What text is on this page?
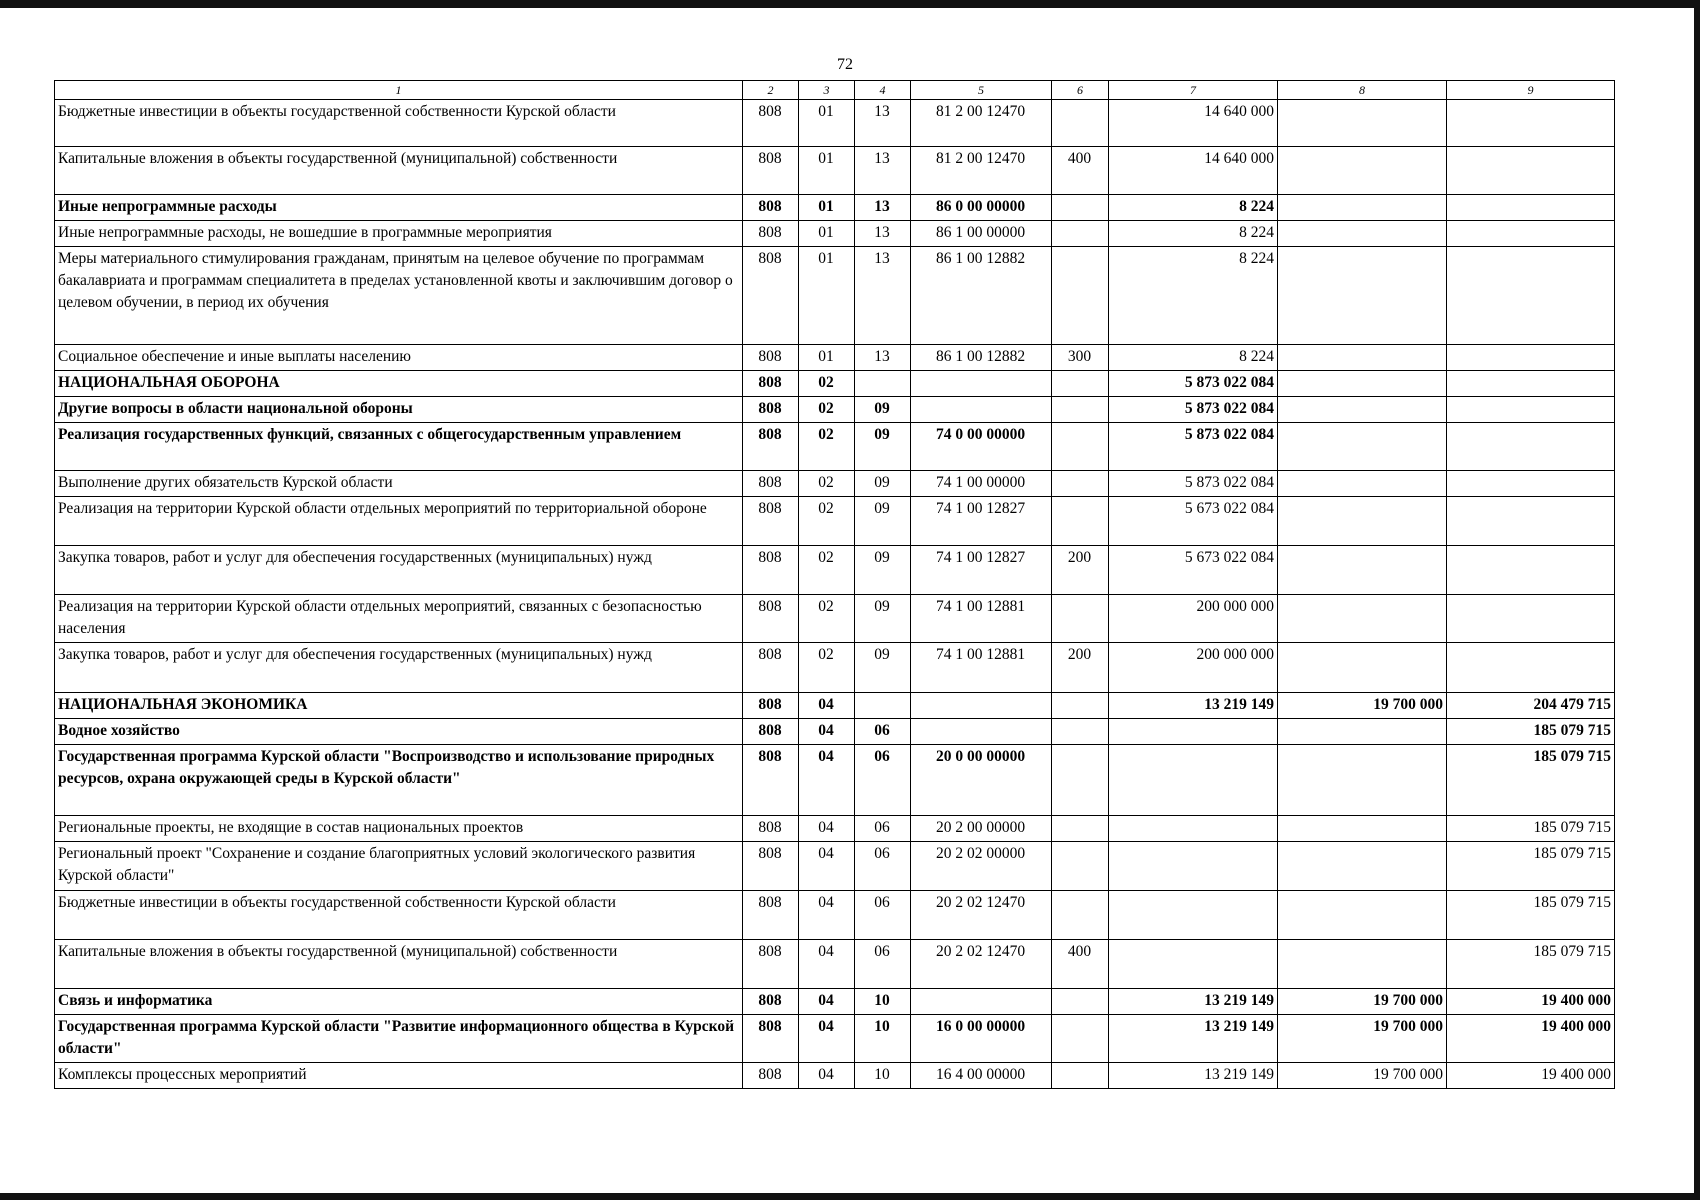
72
1	2	3	4	5	6	7	8	9
Бюджетные инвестиции в объекты государственной собственности Курской области	808	01	13	81 2 00 12470		14 640 000		
Капитальные вложения в объекты государственной (муниципальной) собственности	808	01	13	81 2 00 12470	400	14 640 000		
Иные непрограммные расходы	808	01	13	86 0 00 00000		8 224		
Иные непрограммные расходы, не вошедшие в программные мероприятия	808	01	13	86 1 00 00000		8 224		
Меры материального стимулирования гражданам, принятым на целевое обучение по программам бакалавриата и программам специалитета в пределах установленной квоты и заключившим договор о целевом обучении, в период их обучения	808	01	13	86 1 00 12882		8 224		
Социальное обеспечение и иные выплаты населению	808	01	13	86 1 00 12882	300	8 224		
НАЦИОНАЛЬНАЯ ОБОРОНА	808	02				5 873 022 084		
Другие вопросы в области национальной обороны	808	02	09			5 873 022 084		
Реализация государственных функций, связанных с общегосударственным управлением	808	02	09	74 0 00 00000		5 873 022 084		
Выполнение других обязательств Курской области	808	02	09	74 1 00 00000		5 873 022 084		
Реализация на территории Курской области отдельных мероприятий по территориальной обороне	808	02	09	74 1 00 12827		5 673 022 084		
Закупка товаров, работ и услуг для обеспечения государственных (муниципальных) нужд	808	02	09	74 1 00 12827	200	5 673 022 084		
Реализация на территории Курской области отдельных мероприятий, связанных с безопасностью населения	808	02	09	74 1 00 12881		200 000 000		
Закупка товаров, работ и услуг для обеспечения государственных (муниципальных) нужд	808	02	09	74 1 00 12881	200	200 000 000		
НАЦИОНАЛЬНАЯ ЭКОНОМИКА	808	04				13 219 149	19 700 000	204 479 715
Водное хозяйство	808	04	06					185 079 715
Государственная программа Курской области "Воспроизводство и использование природных ресурсов, охрана окружающей среды в Курской области"	808	04	06	20 0 00 00000				185 079 715
Региональные проекты, не входящие в состав национальных проектов	808	04	06	20 2 00 00000				185 079 715
Региональный проект "Сохранение и создание благоприятных условий экологического развития Курской области"	808	04	06	20 2 02 00000				185 079 715
Бюджетные инвестиции в объекты государственной собственности Курской области	808	04	06	20 2 02 12470				185 079 715
Капитальные вложения в объекты государственной (муниципальной) собственности	808	04	06	20 2 02 12470	400			185 079 715
Связь и информатика	808	04	10			13 219 149	19 700 000	19 400 000
Государственная программа Курской области "Развитие информационного общества в Курской области"	808	04	10	16 0 00 00000		13 219 149	19 700 000	19 400 000
Комплексы процессных мероприятий	808	04	10	16 4 00 00000		13 219 149	19 700 000	19 400 000
